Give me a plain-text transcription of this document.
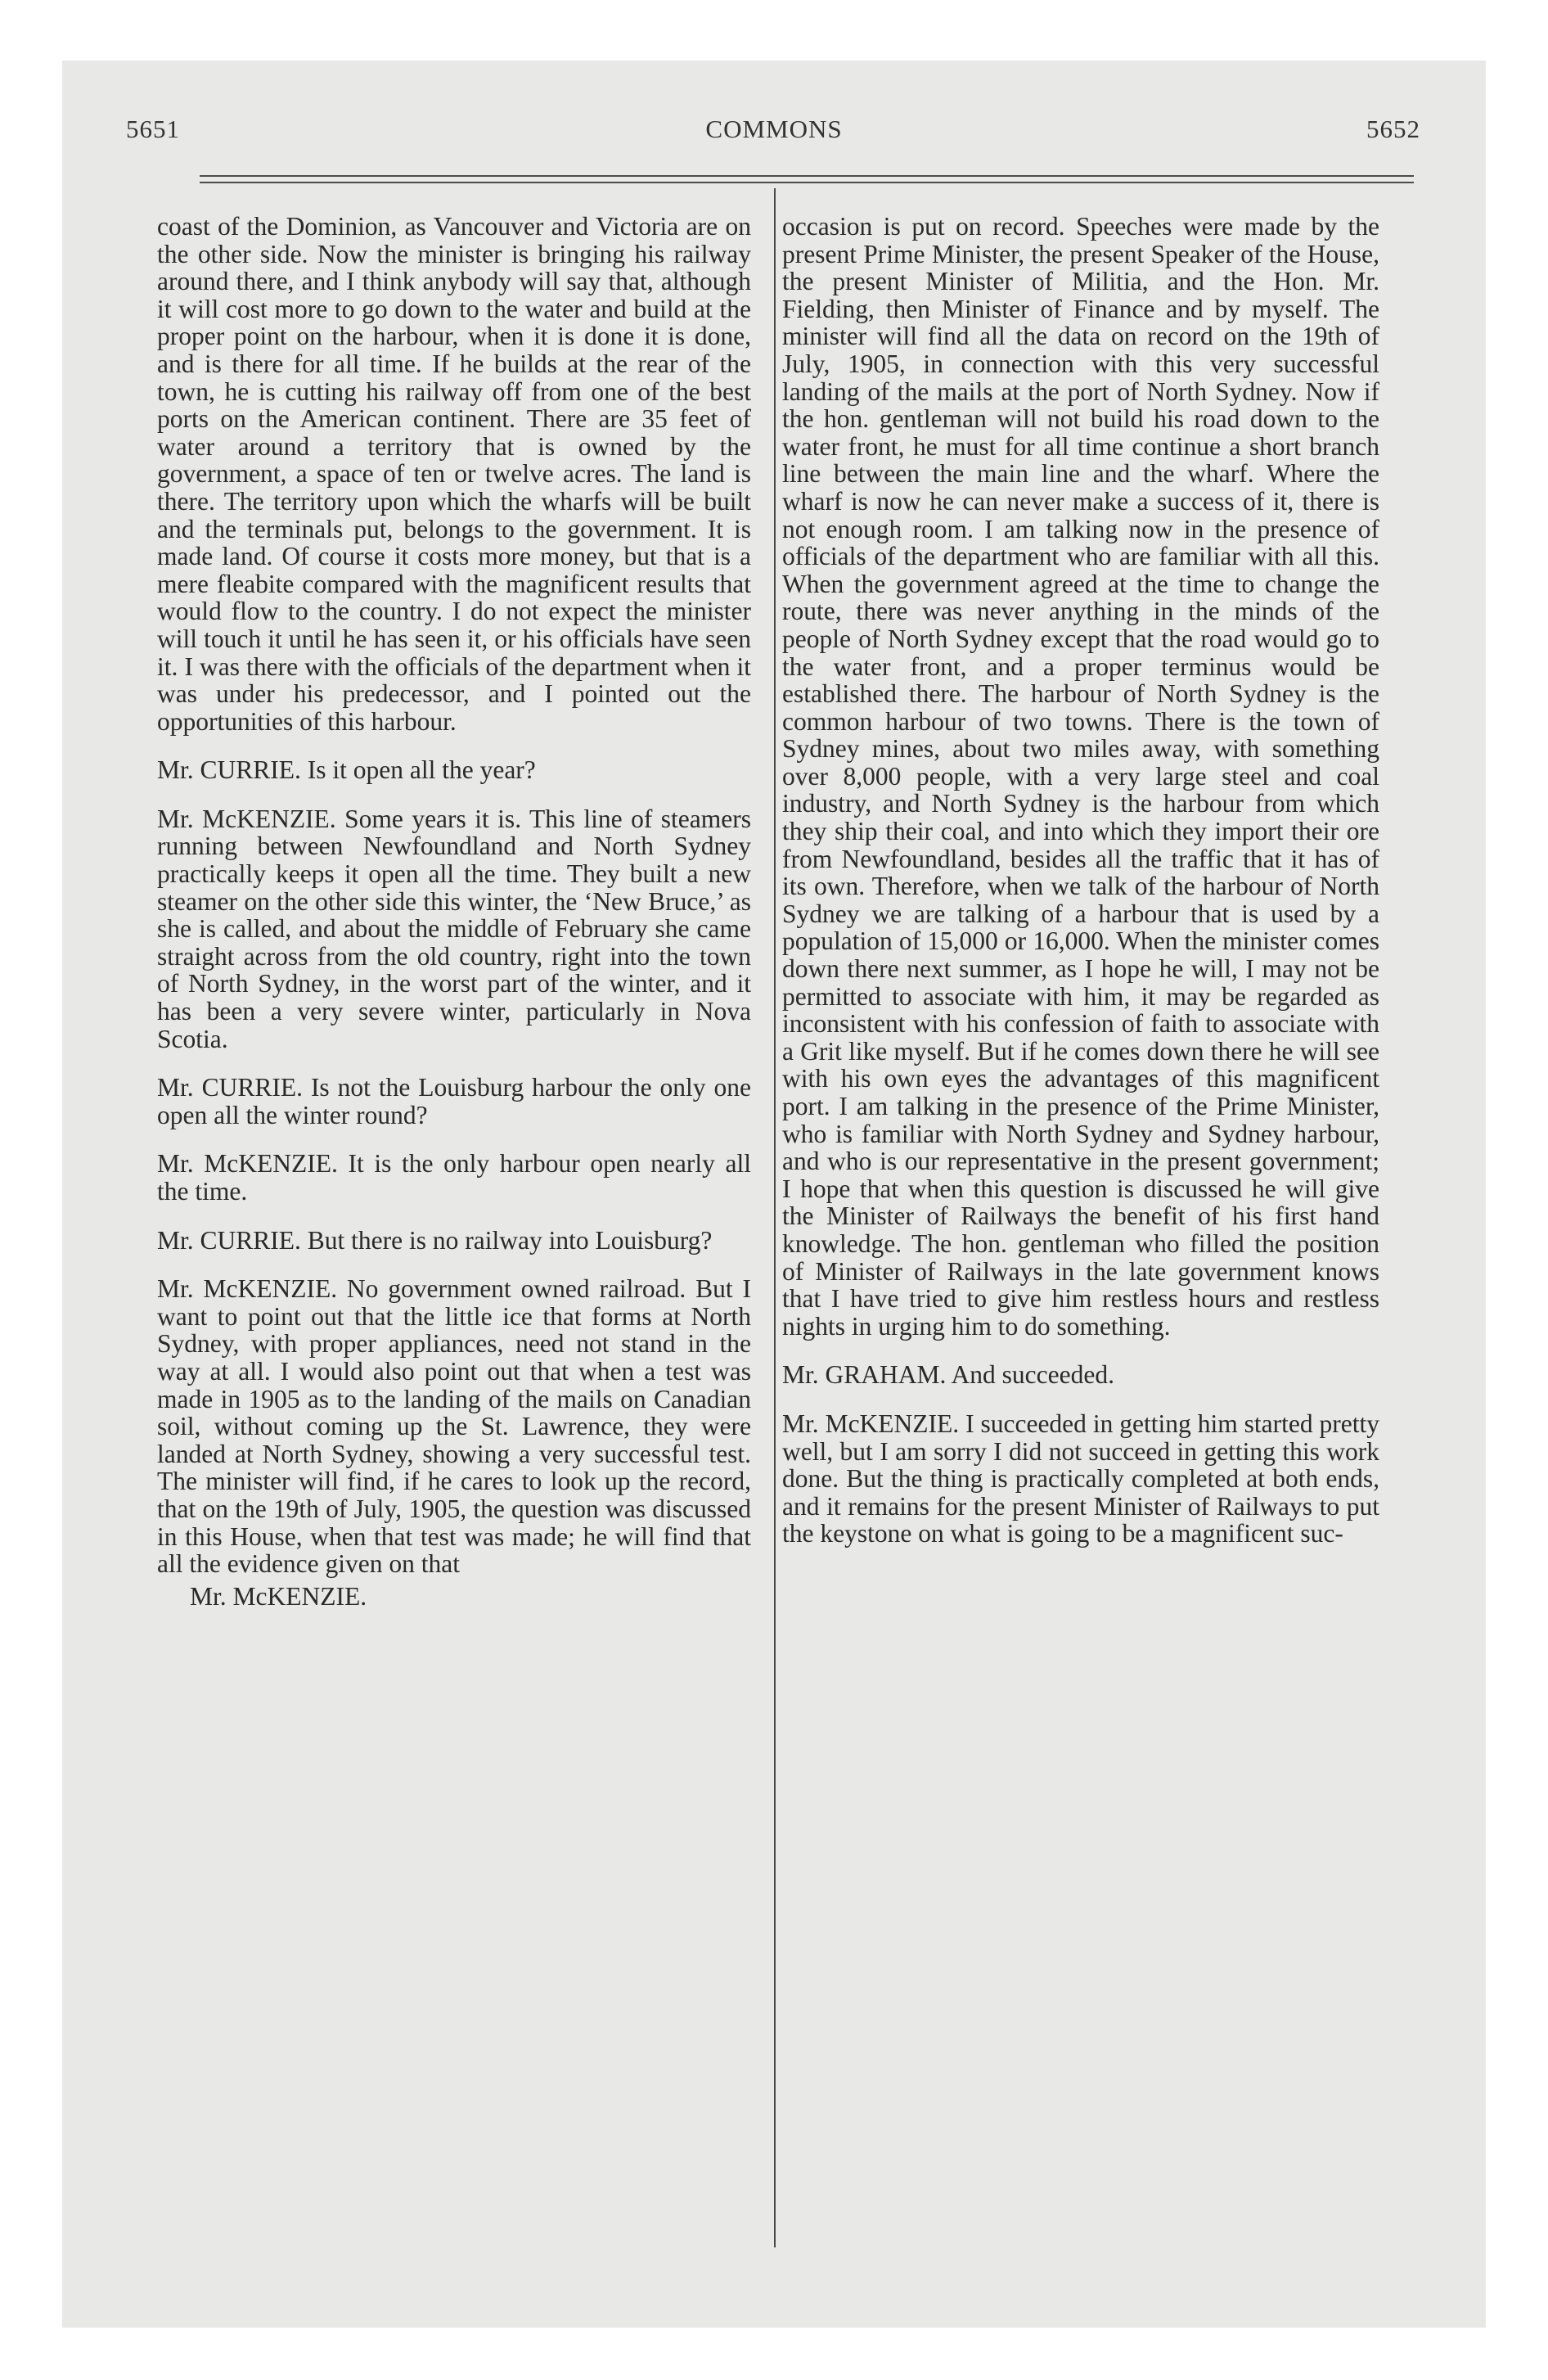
5651	COMMONS	5652

coast of the Dominion, as Vancouver and Victoria are on the other side. Now the minister is bringing his railway around there, and I think anybody will say that, although it will cost more to go down to the water and build at the proper point on the harbour, when it is done it is done, and is there for all time. If he builds at the rear of the town, he is cutting his railway off from one of the best ports on the American continent. There are 35 feet of water around a territory that is owned by the government, a space of ten or twelve acres. The land is there. The territory upon which the wharfs will be built and the terminals put, belongs to the government. It is made land. Of course it costs more money, but that is a mere fleabite compared with the magnificent results that would flow to the country. I do not expect the minister will touch it until he has seen it, or his officials have seen it. I was there with the officials of the department when it was under his predecessor, and I pointed out the opportunities of this harbour.

Mr. CURRIE. Is it open all the year?

Mr. McKENZIE. Some years it is. This line of steamers running between Newfoundland and North Sydney practically keeps it open all the time. They built a new steamer on the other side this winter, the ‘New Bruce,’ as she is called, and about the middle of February she came straight across from the old country, right into the town of North Sydney, in the worst part of the winter, and it has been a very severe winter, particularly in Nova Scotia.

Mr. CURRIE. Is not the Louisburg harbour the only one open all the winter round?

Mr. McKENZIE. It is the only harbour open nearly all the time.

Mr. CURRIE. But there is no railway into Louisburg?

Mr. McKENZIE. No government owned railroad. But I want to point out that the little ice that forms at North Sydney, with proper appliances, need not stand in the way at all. I would also point out that when a test was made in 1905 as to the landing of the mails on Canadian soil, without coming up the St. Lawrence, they were landed at North Sydney, showing a very successful test. The minister will find, if he cares to look up the record, that on the 19th of July, 1905, the question was discussed in this House, when that test was made; he will find that all the evidence given on that

Mr. McKENZIE.

occasion is put on record. Speeches were made by the present Prime Minister, the present Speaker of the House, the present Minister of Militia, and the Hon. Mr. Fielding, then Minister of Finance and by myself. The minister will find all the data on record on the 19th of July, 1905, in connection with this very successful landing of the mails at the port of North Sydney. Now if the hon. gentleman will not build his road down to the water front, he must for all time continue a short branch line between the main line and the wharf. Where the wharf is now he can never make a success of it, there is not enough room. I am talking now in the presence of officials of the department who are familiar with all this. When the government agreed at the time to change the route, there was never anything in the minds of the people of North Sydney except that the road would go to the water front, and a proper terminus would be established there. The harbour of North Sydney is the common harbour of two towns. There is the town of Sydney mines, about two miles away, with something over 8,000 people, with a very large steel and coal industry, and North Sydney is the harbour from which they ship their coal, and into which they import their ore from Newfoundland, besides all the traffic that it has of its own. Therefore, when we talk of the harbour of North Sydney we are talking of a harbour that is used by a population of 15,000 or 16,000. When the minister comes down there next summer, as I hope he will, I may not be permitted to associate with him, it may be regarded as inconsistent with his confession of faith to associate with a Grit like myself. But if he comes down there he will see with his own eyes the advantages of this magnificent port. I am talking in the presence of the Prime Minister, who is familiar with North Sydney and Sydney harbour, and who is our representative in the present government; I hope that when this question is discussed he will give the Minister of Railways the benefit of his first hand knowledge. The hon. gentleman who filled the position of Minister of Railways in the late government knows that I have tried to give him restless hours and restless nights in urging him to do something.

Mr. GRAHAM. And succeeded.

Mr. McKENZIE. I succeeded in getting him started pretty well, but I am sorry I did not succeed in getting this work done. But the thing is practically completed at both ends, and it remains for the present Minister of Railways to put the keystone on what is going to be a magnificent suc-
